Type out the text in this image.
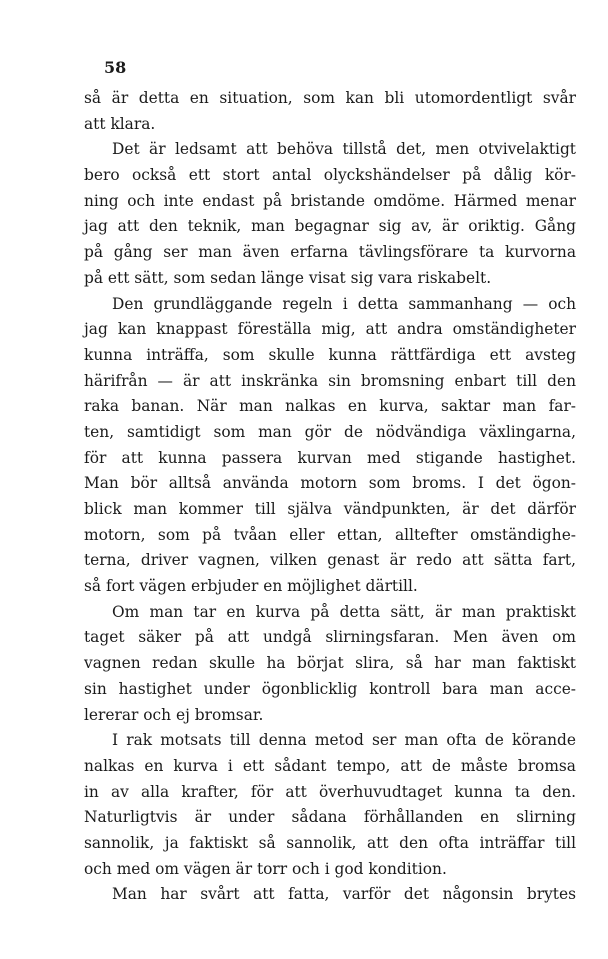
58
så är detta en situation, som kan bli utomordentligt svår
att klara.
Det är ledsamt att behöva tillstå det, men otvivelaktigt
bero också ett stort antal olyckshändelser på dålig kör-
ning och inte endast på bristande omdöme. Härmed menar
jag att den teknik, man begagnar sig av, är oriktig. Gång
på gång ser man även erfarna tävlingsförare ta kurvorna
på ett sätt, som sedan länge visat sig vara riskabelt.
Den grundläggande regeln i detta sammanhang — och
jag kan knappast föreställa mig, att andra omständigheter
kunna inträffa, som skulle kunna rättfärdiga ett avsteg
härifrån — är att inskränka sin bromsning enbart till den
raka banan. När man nalkas en kurva, saktar man far-
ten, samtidigt som man gör de nödvändiga växlingarna,
för att kunna passera kurvan med stigande hastighet.
Man bör alltså använda motorn som broms. I det ögon-
blick man kommer till själva vändpunkten, är det därför
motorn, som på tvåan eller ettan, alltefter omständighe-
terna, driver vagnen, vilken genast är redo att sätta fart,
så fort vägen erbjuder en möjlighet därtill.
Om man tar en kurva på detta sätt, är man praktiskt
taget säker på att undgå slirningsfaran. Men även om
vagnen redan skulle ha börjat slira, så har man faktiskt
sin hastighet under ögonblicklig kontroll bara man acce-
lererar och ej bromsar.
I rak motsats till denna metod ser man ofta de körande
nalkas en kurva i ett sådant tempo, att de måste bromsa
in av alla krafter, för att överhuvudtaget kunna ta den.
Naturligtvis är under sådana förhållanden en slirning
sannolik, ja faktiskt så sannolik, att den ofta inträffar till
och med om vägen är torr och i god kondition.
Man har svårt att fatta, varför det någonsin brytes
